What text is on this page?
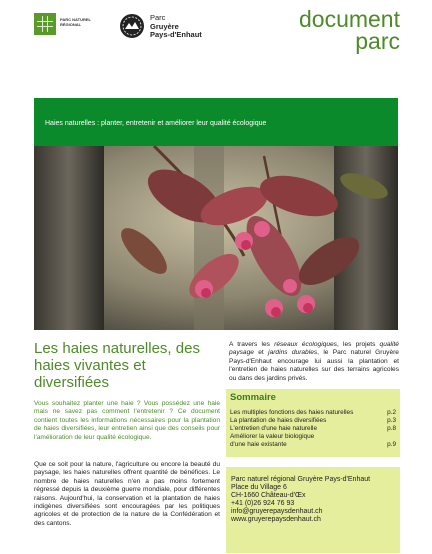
PARC NATUREL
RÉGIONAL
Parc
Gruyère
Pays-d'Enhaut
document
parc
Haies naturelles : planter, entretenir et améliorer leur qualité écologique
Les haies naturelles, des haies vivantes et diversifiées

Vous souhaitez planter une haie ? Vous possédez une haie mais ne savez pas comment l'entretenir ? Ce document contient toutes les informations nécessaires pour la plantation de haies diversifiées, leur entretien ainsi que des conseils pour l'amélioration de leur qualité écologique.

Que ce soit pour la nature, l'agriculture ou encore la beauté du paysage, les haies naturelles offrent quantité de bénéfices. Le nombre de haies naturelles n'en a pas moins fortement régressé depuis la deuxième guerre mondiale, pour différentes raisons. Aujourd'hui, la conservation et la plantation de haies indigènes diversifiées sont encouragées par les politiques agricoles et de protection de la nature de la Confédération et des cantons.

A travers les réseaux écologiques, les projets qualité paysage et jardins durables, le Parc naturel Gruyère Pays-d'Enhaut encourage lui aussi la plantation et l'entretien de haies naturelles sur des terrains agricoles ou dans des jardins privés.

Sommaire
Les multiples fonctions des haies naturelles	p.2
La plantation de haies diversifiées	p.3
L'entretien d'une haie naturelle	p.8
Améliorer la valeur biologique
d'une haie existante	p.9
Parc naturel régional Gruyère Pays-d'Enhaut
Place du Village 6
CH-1660 Château-d'Œx
+41 (0)26 924 76 93
info@gruyerepaysdenhaut.ch
www.gruyerepaysdenhaut.ch
